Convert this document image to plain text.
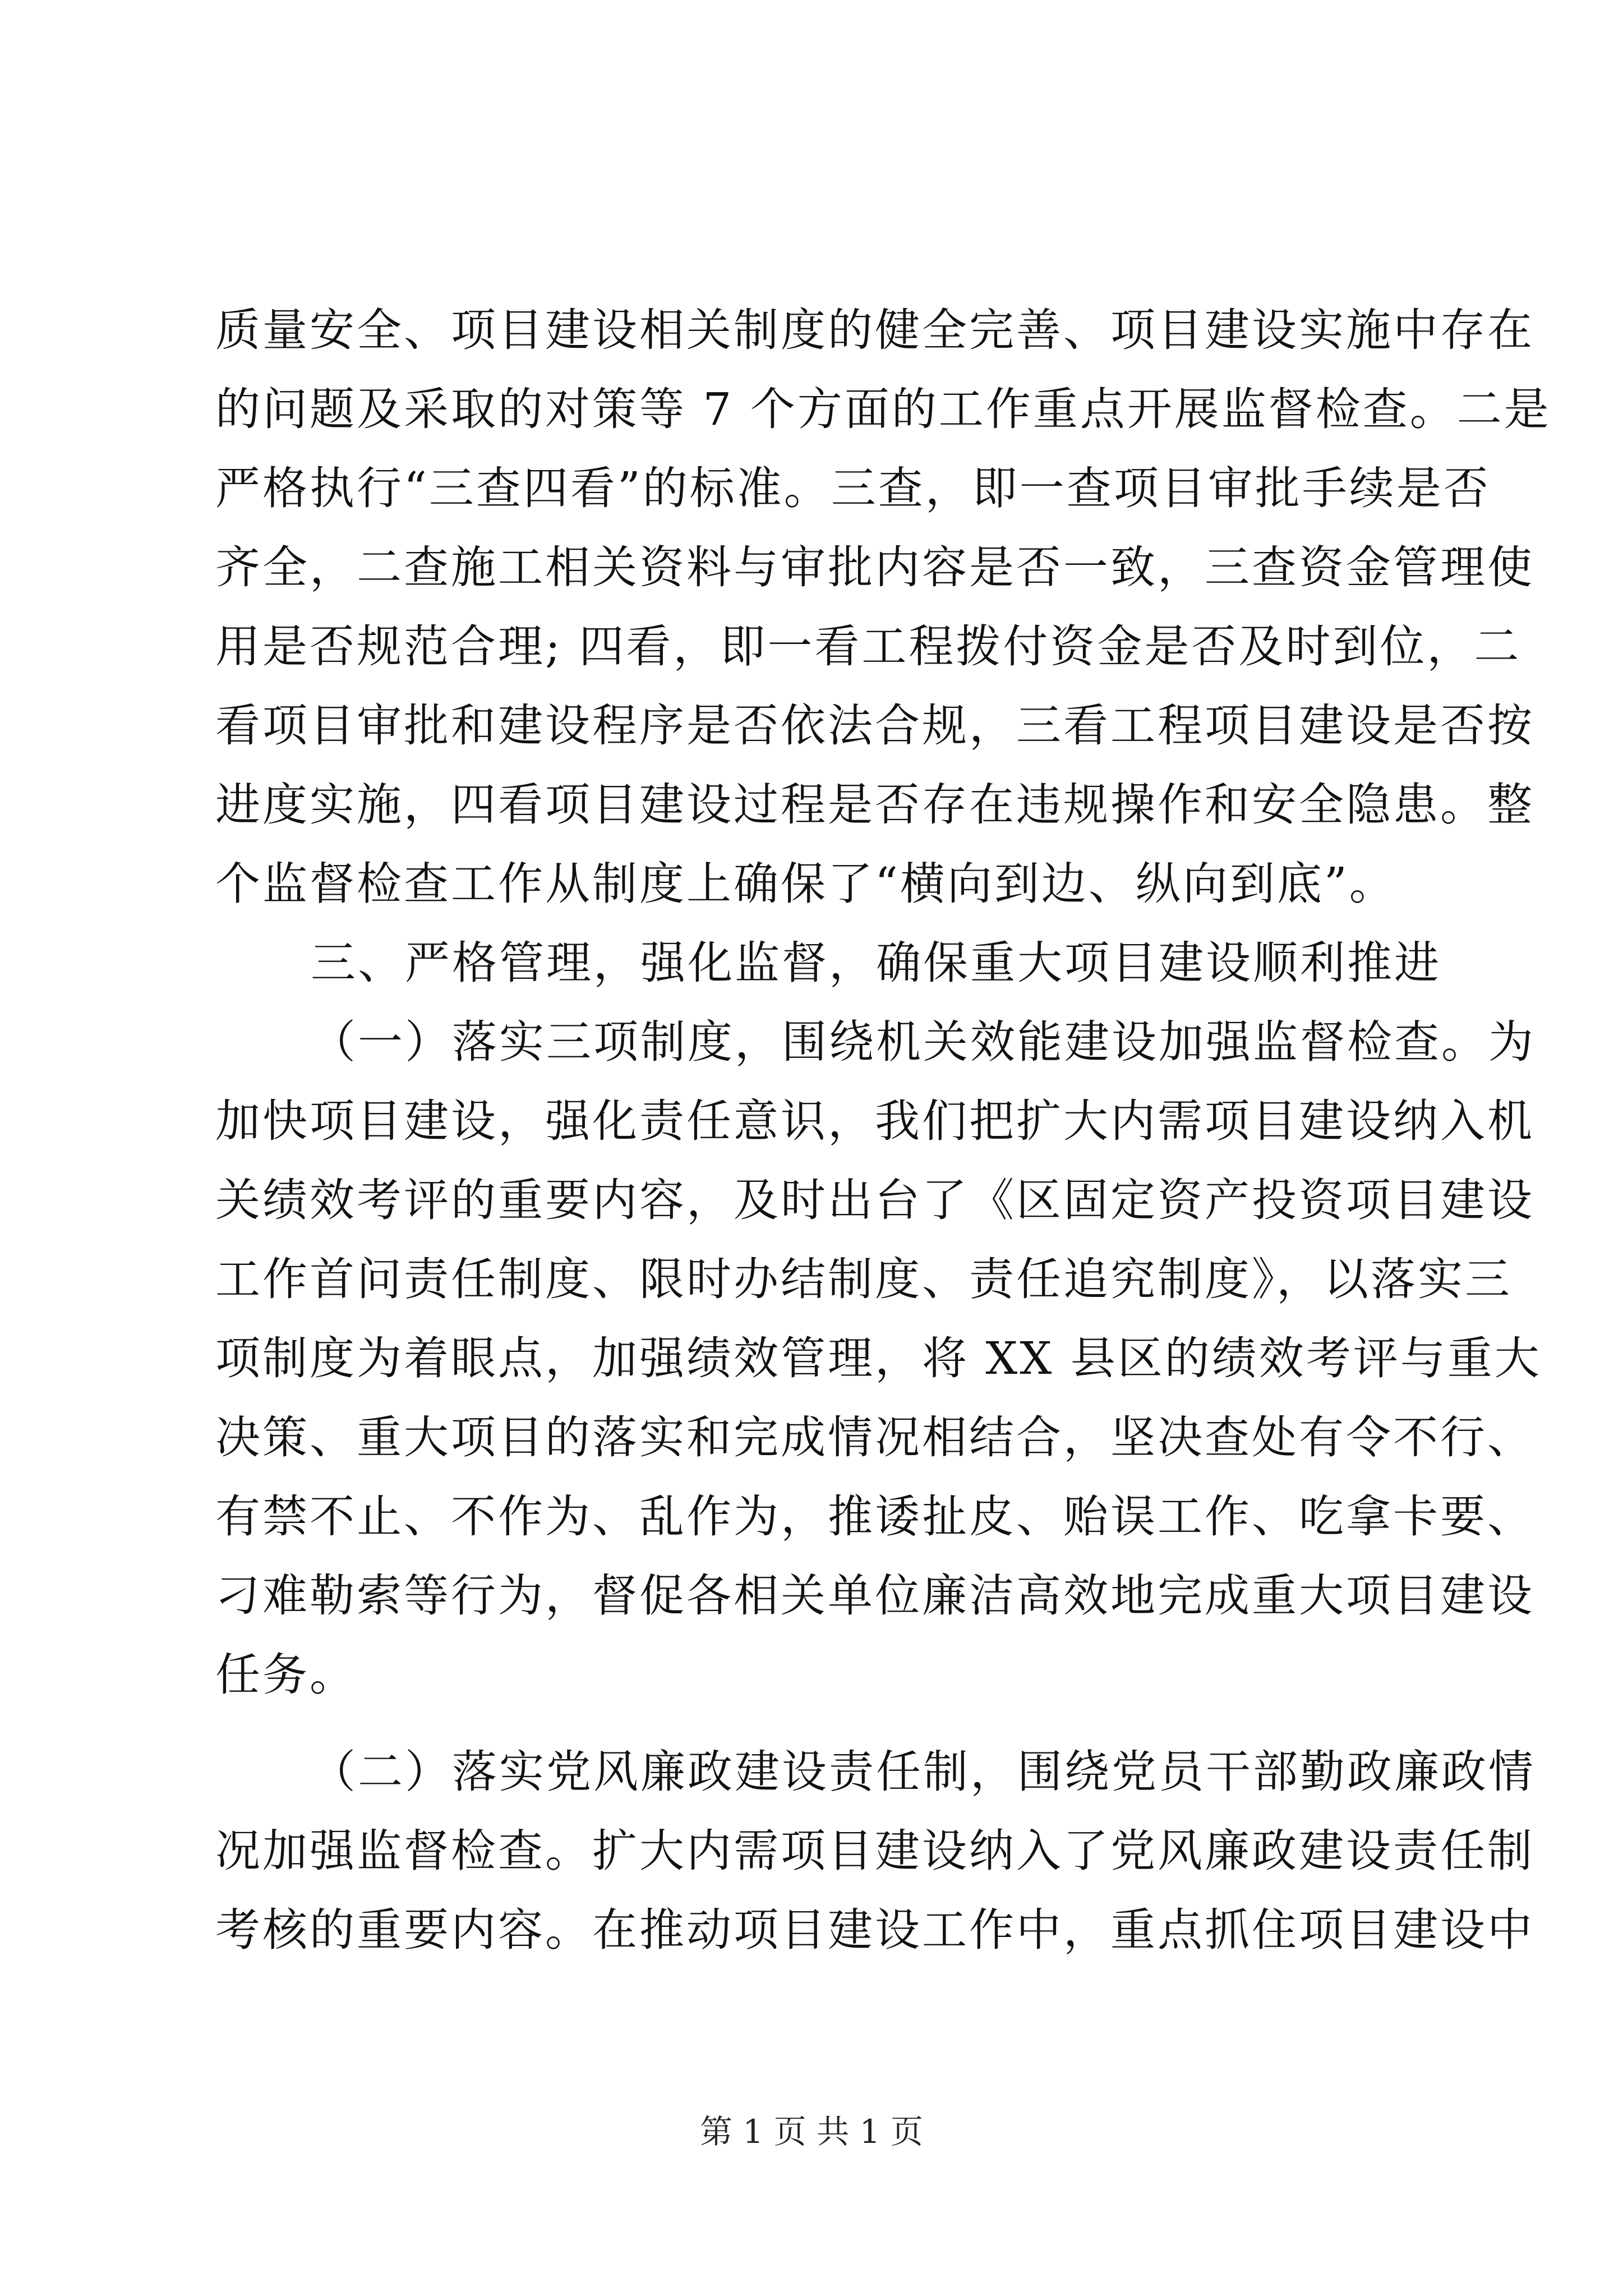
质量安全、项目建设相关制度的健全完善、项目建设实施中存在
的问题及采取的对策等 7 个方面的工作重点开展监督检查。二是
严格执行“三查四看”的标准。三查，即一查项目审批手续是否
齐全，二查施工相关资料与审批内容是否一致，三查资金管理使
用是否规范合理; 四看，即一看工程拨付资金是否及时到位，二
看项目审批和建设程序是否依法合规，三看工程项目建设是否按
进度实施，四看项目建设过程是否存在违规操作和安全隐患。整
个监督检查工作从制度上确保了“横向到边、纵向到底”。
三、严格管理，强化监督，确保重大项目建设顺利推进
（一）落实三项制度，围绕机关效能建设加强监督检查。为
加快项目建设，强化责任意识，我们把扩大内需项目建设纳入机
关绩效考评的重要内容，及时出台了《区固定资产投资项目建设
工作首问责任制度、限时办结制度、责任追究制度》，以落实三
项制度为着眼点，加强绩效管理，将 XX 县区的绩效考评与重大
决策、重大项目的落实和完成情况相结合，坚决查处有令不行、
有禁不止、不作为、乱作为，推诿扯皮、贻误工作、吃拿卡要、
刁难勒索等行为，督促各相关单位廉洁高效地完成重大项目建设
任务。
（二）落实党风廉政建设责任制，围绕党员干部勤政廉政情
况加强监督检查。扩大内需项目建设纳入了党风廉政建设责任制
考核的重要内容。在推动项目建设工作中，重点抓住项目建设中
第 1 页 共 1 页
